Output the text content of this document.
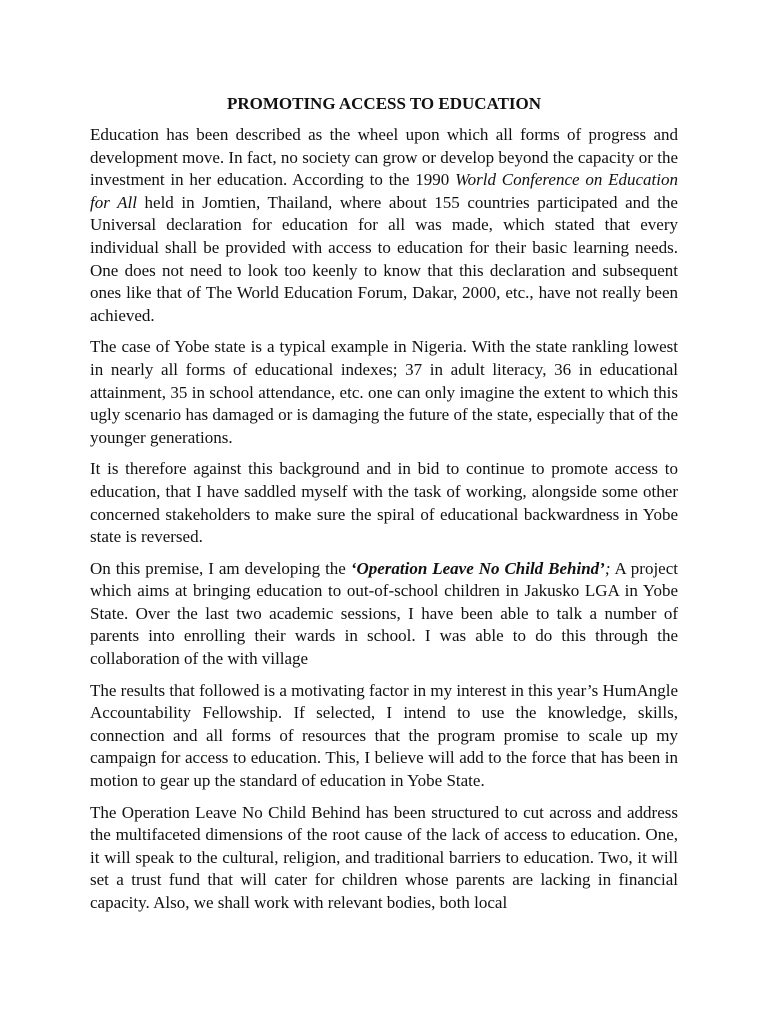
PROMOTING ACCESS TO EDUCATION

Education has been described as the wheel upon which all forms of progress and development move. In fact, no society can grow or develop beyond the capacity or the investment in her education. According to the 1990 World Conference on Education for All held in Jomtien, Thailand, where about 155 countries participated and the Universal declaration for education for all was made, which stated that every individual shall be provided with access to education for their basic learning needs. One does not need to look too keenly to know that this declaration and subsequent ones like that of The World Education Forum, Dakar, 2000, etc., have not really been achieved.

The case of Yobe state is a typical example in Nigeria. With the state rankling lowest in nearly all forms of educational indexes; 37 in adult literacy, 36 in educational attainment, 35 in school attendance, etc. one can only imagine the extent to which this ugly scenario has damaged or is damaging the future of the state, especially that of the younger generations.

It is therefore against this background and in bid to continue to promote access to education, that I have saddled myself with the task of working, alongside some other concerned stakeholders to make sure the spiral of educational backwardness in Yobe state is reversed.

On this premise, I am developing the ‘Operation Leave No Child Behind’; A project which aims at bringing education to out-of-school children in Jakusko LGA in Yobe State. Over the last two academic sessions, I have been able to talk a number of parents into enrolling their wards in school. I was able to do this through the collaboration of the with village

The results that followed is a motivating factor in my interest in this year’s HumAngle Accountability Fellowship. If selected, I intend to use the knowledge, skills, connection and all forms of resources that the program promise to scale up my campaign for access to education. This, I believe will add to the force that has been in motion to gear up the standard of education in Yobe State.

The Operation Leave No Child Behind has been structured to cut across and address the multifaceted dimensions of the root cause of the lack of access to education. One, it will speak to the cultural, religion, and traditional barriers to education. Two, it will set a trust fund that will cater for children whose parents are lacking in financial capacity. Also, we shall work with relevant bodies, both local
